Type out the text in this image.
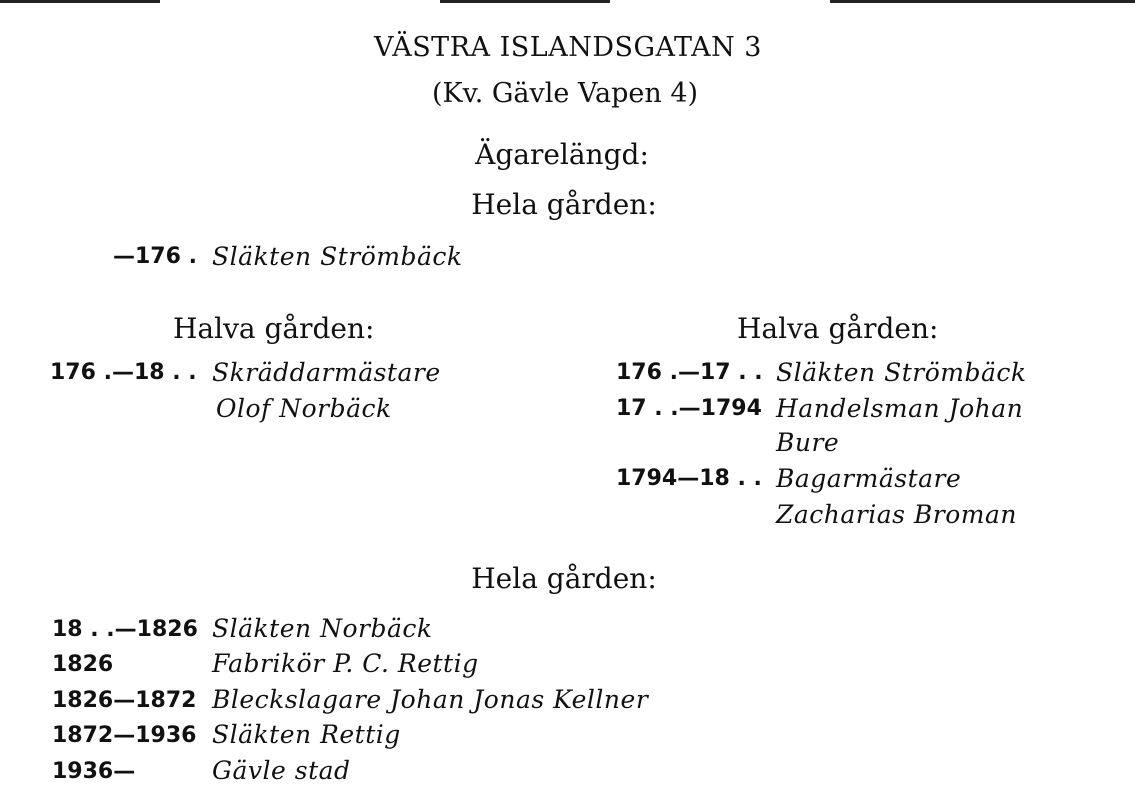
VÄSTRA ISLANDSGATAN 3
(Kv. Gävle Vapen 4)
Ägarelängd:
Hela gården:
—176 . Släkten Strömbäck
Halva gården:
176 .—18 . . Skräddarmästare
Olof Norbäck
Halva gården:
176 .—17 . . Släkten Strömbäck
17 . .—1794 Handelsman Johan
Bure
1794—18 . . Bagarmästare
Zacharias Broman
Hela gården:
18 . .—1826 Släkten Norbäck
1826	Fabrikör P. C. Rettig
1826—1872 Bleckslagare Johan Jonas Kellner
1872—1936 Släkten Rettig
1936—	Gävle stad
